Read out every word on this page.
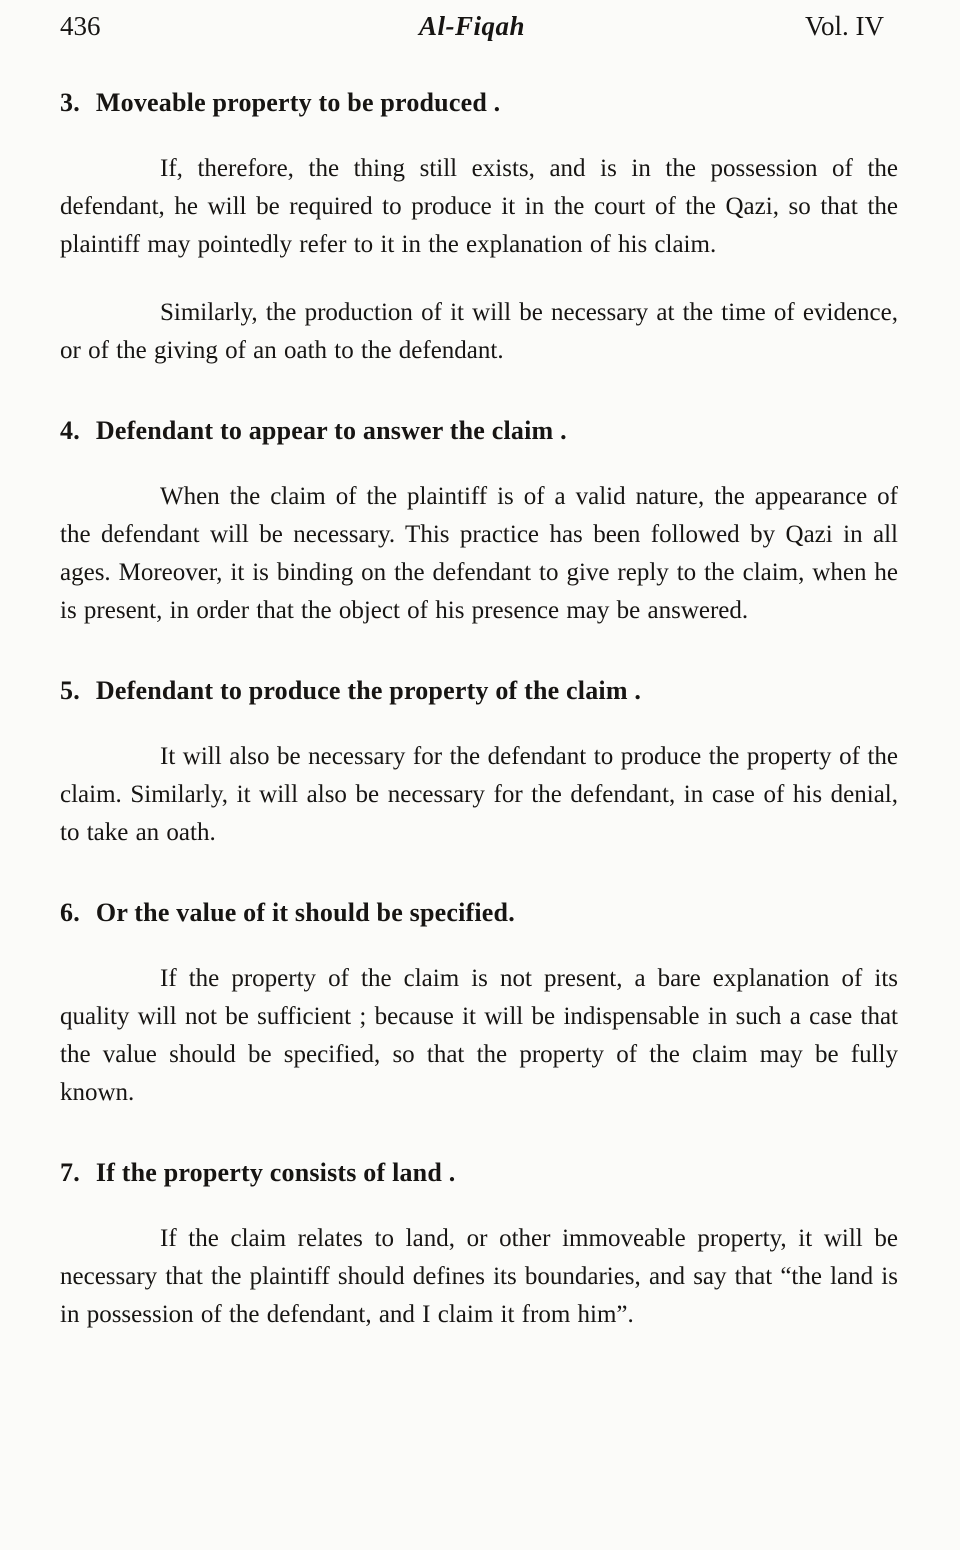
436	Al-Fiqah	Vol. IV
3. Moveable property to be produced .

If, therefore, the thing still exists, and is in the possession of the defendant, he will be required to produce it in the court of the Qazi, so that the plaintiff may pointedly refer to it in the explanation of his claim.

Similarly, the production of it will be necessary at the time of evidence, or of the giving of an oath to the defendant.

4. Defendant to appear to answer the claim .

When the claim of the plaintiff is of a valid nature, the appearance of the defendant will be necessary. This practice has been followed by Qazi in all ages. Moreover, it is binding on the defendant to give reply to the claim, when he is present, in order that the object of his presence may be answered.

5. Defendant to produce the property of the claim .

It will also be necessary for the defendant to produce the property of the claim. Similarly, it will also be necessary for the defendant, in case of his denial, to take an oath.

6. Or the value of it should be specified.

If the property of the claim is not present, a bare explanation of its quality will not be sufficient ; because it will be indispensable in such a case that the value should be specified, so that the property of the claim may be fully known.

7. If the property consists of land .

If the claim relates to land, or other immoveable property, it will be necessary that the plaintiff should defines its boundaries, and say that “the land is in possession of the defendant, and I claim it from him”.
